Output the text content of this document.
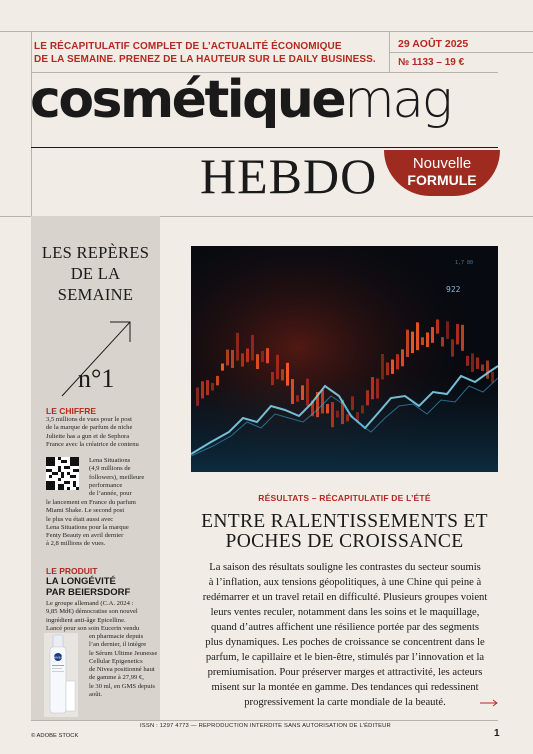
LE RÉCAPITULATIF COMPLET DE L’ACTUALITÉ ÉCONOMIQUE
DE LA SEMAINE. PRENEZ DE LA HAUTEUR SUR LE DAILY BUSINESS.
29 AOÛT 2025
№ 1133 – 19 €
cosmétiquemag
HEBDO	Nouvelle
FORMULE
LES REPÈRES
DE LA
SEMAINE
n°1
LE CHIFFRE
3,5 millions de vues pour le post
de la marque de parfum de niche
Juliette has a gun et de Sephora
France avec la créatrice de contenu
Lena Situations
(4,9 millions de
followers), meilleure
performance
de l’année, pour
le lancement en France du parfum
Miami Shake. Le second post
le plus vu était aussi avec
Lena Situations pour la marque
Fenty Beauty en avril dernier
à 2,8 millions de vues.
LE PRODUIT
LA LONGÉVITÉ
PAR BEIERSDORF
Le groupe allemand (C.A. 2024 :
9,85 Md€) démocratise son nouvel
ingrédient anti-âge Epicelline.
Lancé pour son soin Eucerin vendu
NIVEA
en pharmacie depuis
l’an dernier, il intègre
le Sérum Ultime Jeunesse
Cellular Epigenetics
de Nivea positionné haut
de gamme à 27,99 €,
le 30 ml, en GMS depuis
août.
922
1,7 80
RÉSULTATS – RÉCAPITULATIF DE L’ÉTÉ
ENTRE RALENTISSEMENTS ET
POCHES DE CROISSANCE
La saison des résultats souligne les contrastes du secteur soumis
à l’inflation, aux tensions géopolitiques, à une Chine qui peine à
redémarrer et un travel retail en difficulté. Plusieurs groupes voient
leurs ventes reculer, notamment dans les soins et le maquillage,
quand d’autres affichent une résilience portée par des segments
plus dynamiques. Les poches de croissance se concentrent dans le
parfum, le capillaire et le bien-être, stimulés par l’innovation et la
premiumisation. Pour préserver marges et attractivité, les acteurs
misent sur la montée en gamme. Des tendances qui redessinent
progressivement la carte mondiale de la beauté.
ISSN : 1297 4773 — REPRODUCTION INTERDITE SANS AUTORISATION DE L’ÉDITEUR
© ADOBE STOCK	1
